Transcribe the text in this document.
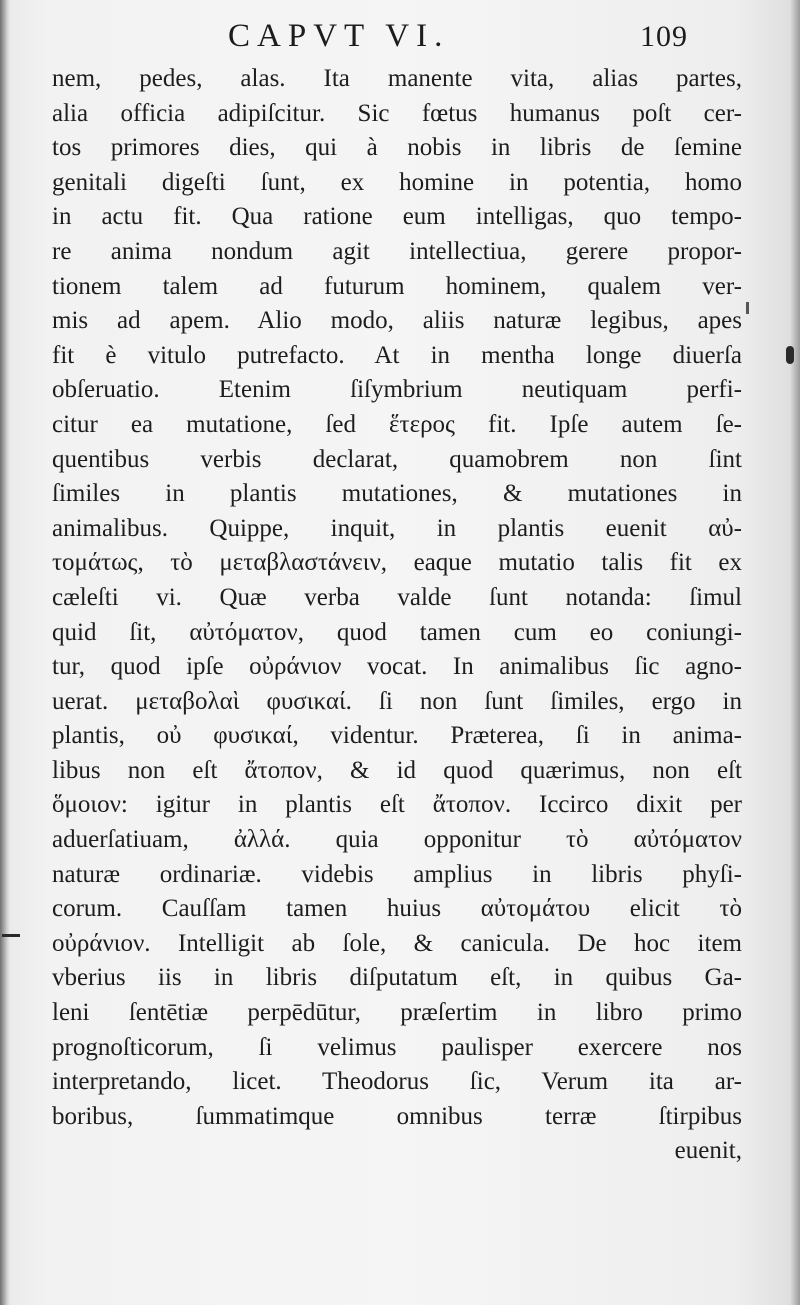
CAPVT VI.	109
nem, pedes, alas. Ita manente vita, alias partes,
alia officia adipiſcitur. Sic fœtus humanus poſt cer-
tos primores dies, qui à nobis in libris de ſemine
genitali digeſti ſunt, ex homine in potentia, homo
in actu fit. Qua ratione eum intelligas, quo tempo-
re anima nondum agit intellectiua, gerere propor-
tionem talem ad futurum hominem, qualem ver-
mis ad apem. Alio modo, aliis naturæ legibus, apes
fit è vitulo putrefacto. At in mentha longe diuerſa
obſeruatio. Etenim ſiſymbrium neutiquam perfi-
citur ea mutatione, ſed ἕτερος fit. Ipſe autem ſe-
quentibus verbis declarat, quamobrem non ſint
ſimiles in plantis mutationes, & mutationes in
animalibus. Quippe, inquit, in plantis euenit αὐ-
τομάτως, τὸ μεταβλαστάνειν, eaque mutatio talis fit ex
cæleſti vi. Quæ verba valde ſunt notanda: ſimul
quid ſit, αὐτόματον, quod tamen cum eo coniungi-
tur, quod ipſe οὐράνιον vocat. In animalibus ſic agno-
uerat. μεταβολαὶ φυσικαί. ſi non ſunt ſimiles, ergo in
plantis, οὐ φυσικαί, videntur. Præterea, ſi in anima-
libus non eſt ἄτοπον, & id quod quærimus, non eſt
ὅμοιον: igitur in plantis eſt ἄτοπον. Iccirco dixit per
aduerſatiuam, ἀλλά. quia opponitur τὸ αὐτόματον
naturæ ordinariæ. videbis amplius in libris phyſi-
corum. Cauſſam tamen huius αὐτομάτου elicit τὸ
οὐράνιον. Intelligit ab ſole, & canicula. De hoc item
vberius iis in libris diſputatum eſt, in quibus Ga-
leni ſentētiæ perpēdūtur, præſertim in libro primo
prognoſticorum, ſi velimus paulisper exercere nos
interpretando, licet. Theodorus ſic, Verum ita ar-
boribus, ſummatimque omnibus terræ ſtirpibus
euenit,
